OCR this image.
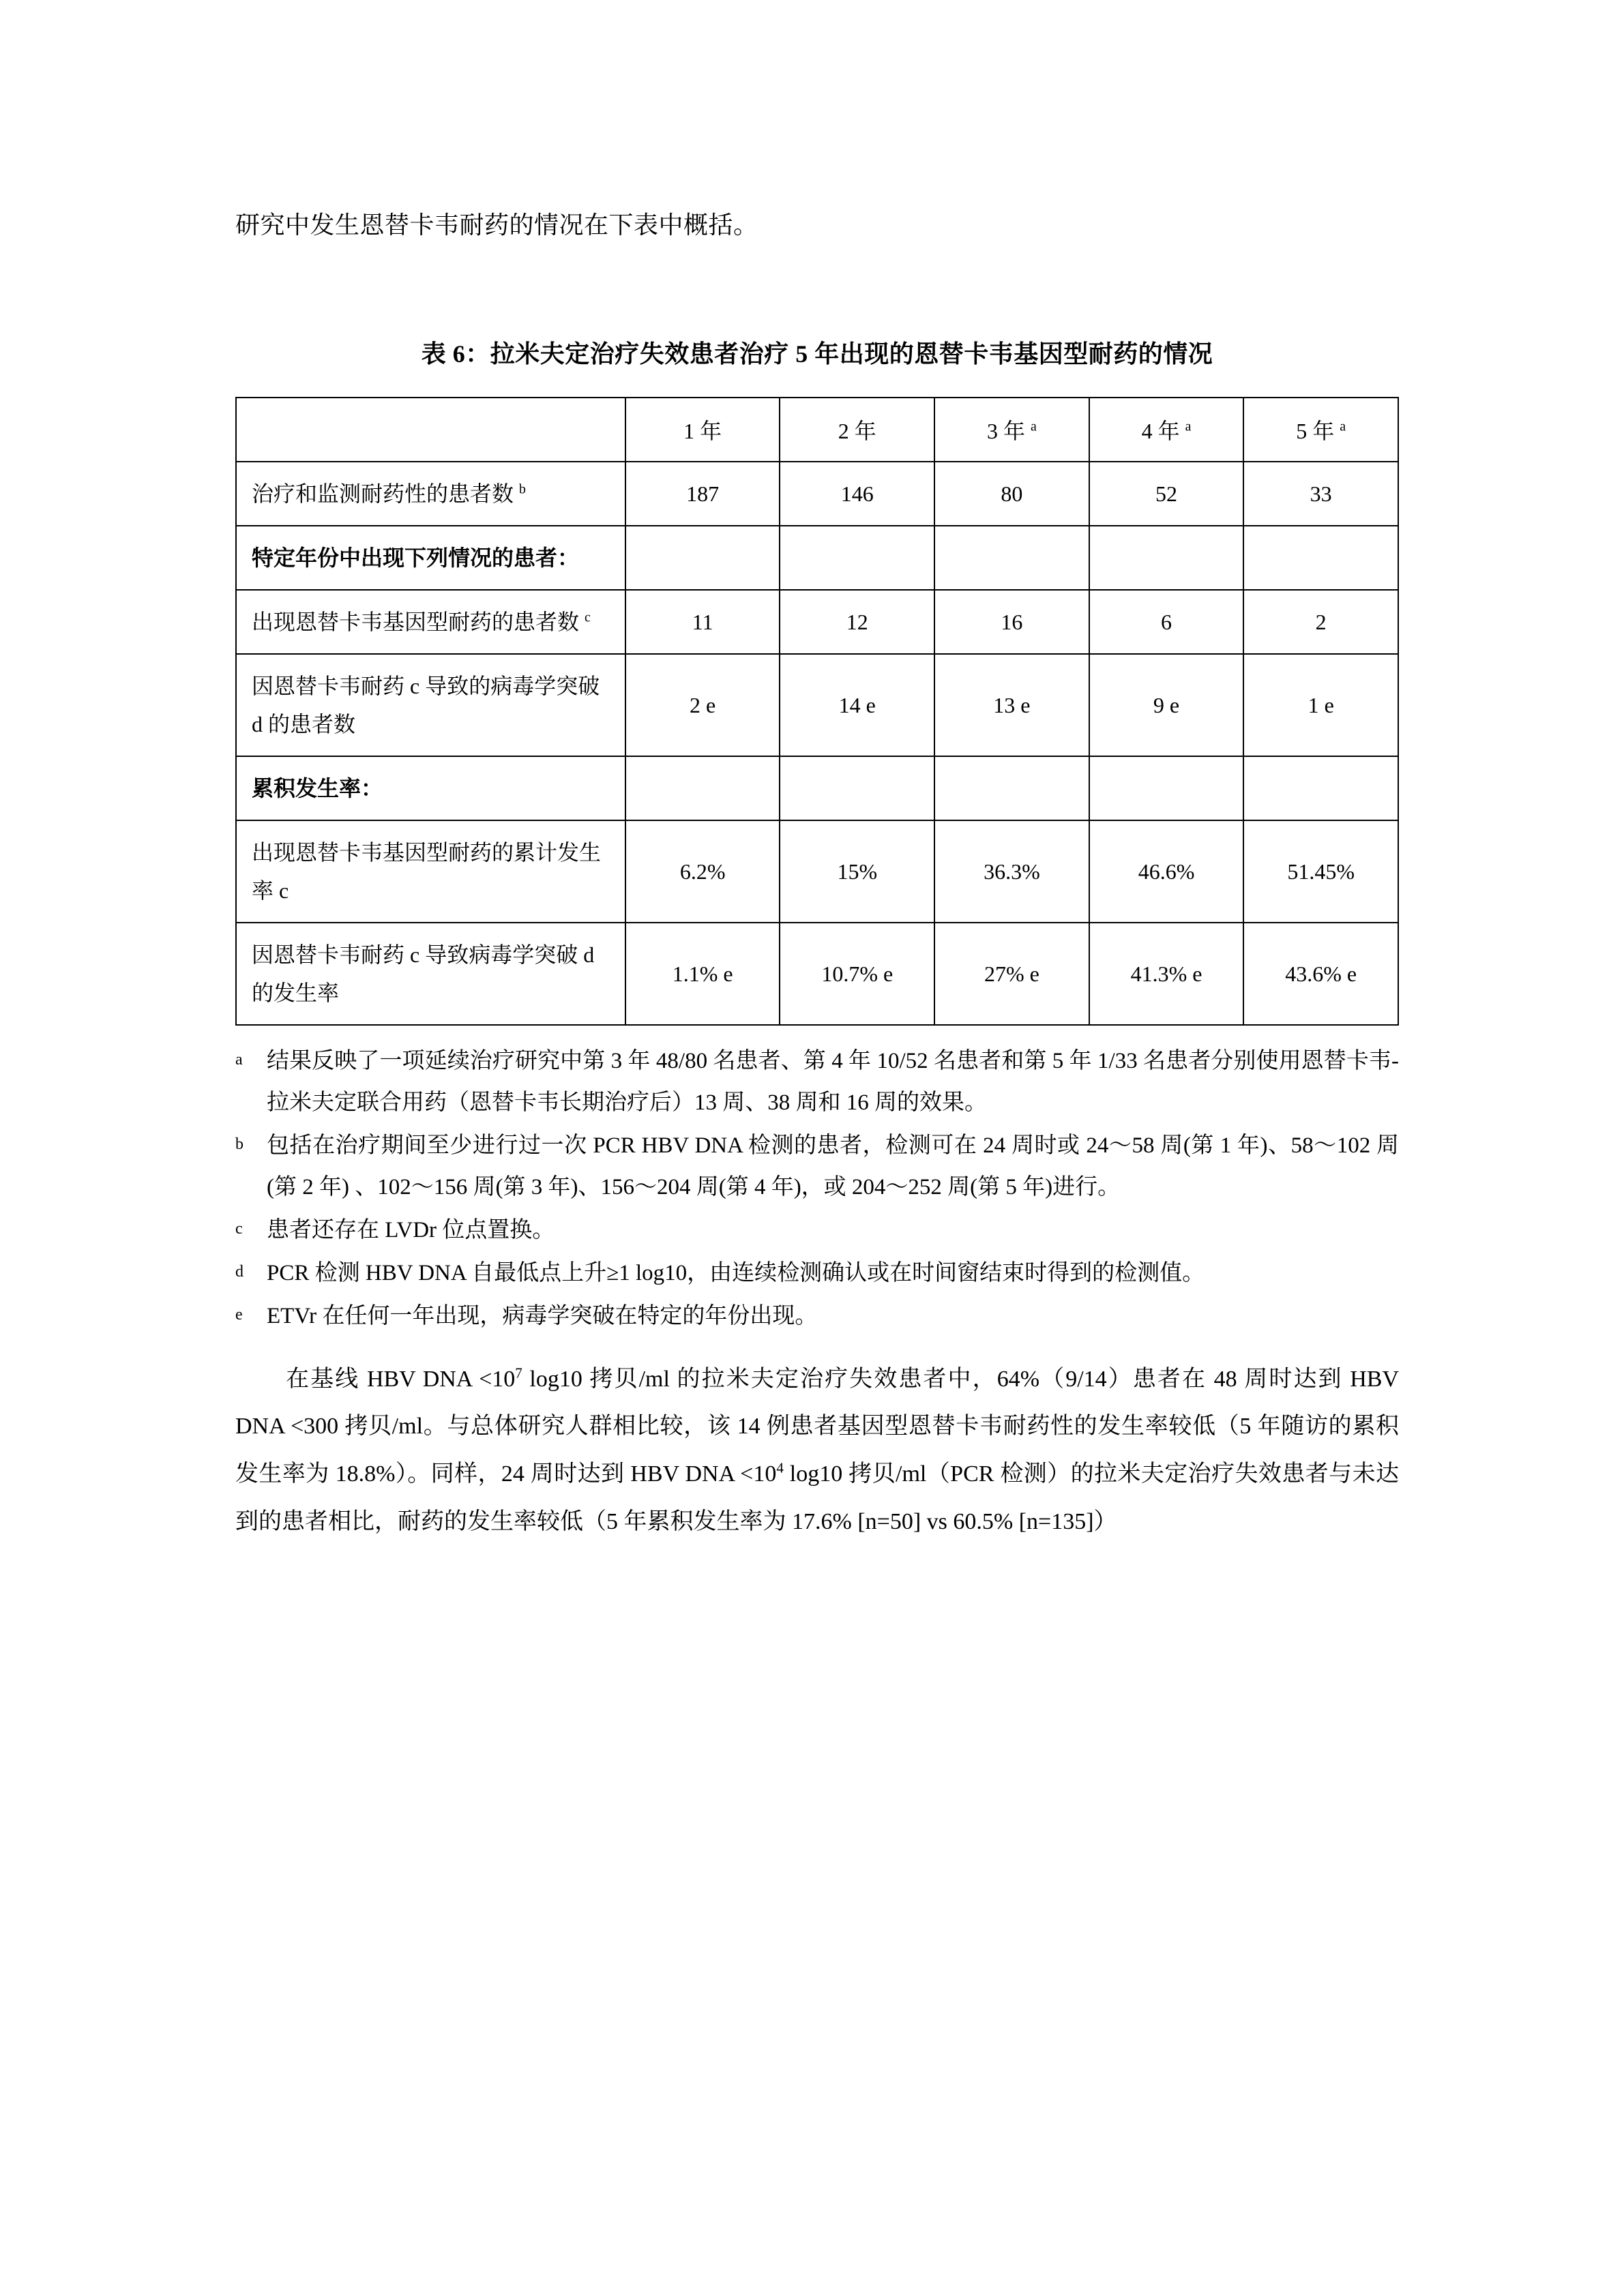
研究中发生恩替卡韦耐药的情况在下表中概括。
表 6：拉米夫定治疗失效患者治疗 5 年出现的恩替卡韦基因型耐药的情况
	1 年	2 年	3 年 $^a$	4 年 $^a$	5 年 $^a$
治疗和监测耐药性的患者数 $^b$	187	146	80	52	33
特定年份中出现下列情况的患者：					
出现恩替卡韦基因型耐药的患者数 $^c$	11	12	16	6	2
因恩替卡韦耐药 c 导致的病毒学突破 d 的患者数	2 e	14 e	13 e	9 e	1 e
累积发生率：					
出现恩替卡韦基因型耐药的累计发生率 c	6.2%	15%	36.3%	46.6%	51.45%
因恩替卡韦耐药 c 导致病毒学突破 d 的发生率	1.1% e	10.7% e	27% e	41.3% e	43.6% e
a	结果反映了一项延续治疗研究中第 3 年 48/80 名患者、第 4 年 10/52 名患者和第 5 年 1/33 名患者分别使用恩替卡韦-拉米夫定联合用药（恩替卡韦长期治疗后）13 周、38 周和 16 周的效果。
b	包括在治疗期间至少进行过一次 PCR HBV DNA 检测的患者，检测可在 24 周时或 24～58 周(第 1 年)、58～102 周(第 2 年) 、102～156 周(第 3 年)、156～204 周(第 4 年)，或 204～252 周(第 5 年)进行。
c	患者还存在 LVDr 位点置换。
d	PCR 检测 HBV DNA 自最低点上升≥1 log10，由连续检测确认或在时间窗结束时得到的检测值。
e	ETVr 在任何一年出现，病毒学突破在特定的年份出现。
在基线 HBV DNA $<10^7$ log10 拷贝/ml 的拉米夫定治疗失效患者中，64%（9/14）患者在 48 周时达到 HBV DNA <300 拷贝/ml。与总体研究人群相比较，该 14 例患者基因型恩替卡韦耐药性的发生率较低（5 年随访的累积发生率为 18.8%）。同样，24 周时达到 HBV DNA $<10^4$ log10 拷贝/ml（PCR 检测）的拉米夫定治疗失效患者与未达到的患者相比，耐药的发生率较低（5 年累积发生率为 17.6% [n=50] vs 60.5% [n=135]）
